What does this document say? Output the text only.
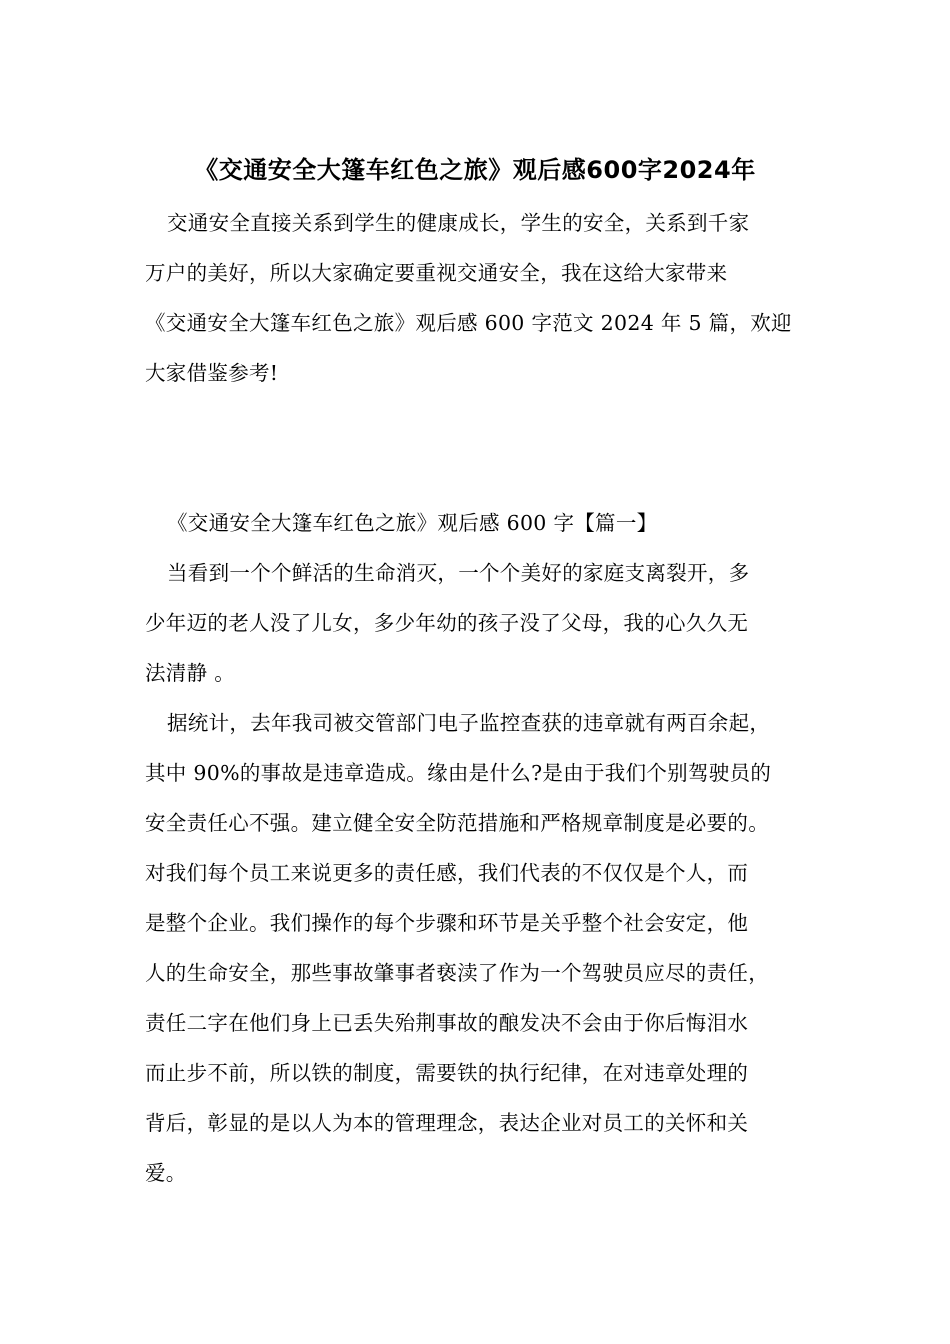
《交通安全大篷车红色之旅》观后感600字2024年
交通安全直接关系到学生的健康成长，学生的安全，关系到千家
万户的美好，所以大家确定要重视交通安全，我在这给大家带来
《交通安全大篷车红色之旅》观后感 600 字范文 2024 年 5 篇，欢迎
大家借鉴参考!
《交通安全大篷车红色之旅》观后感 600 字【篇一】
当看到一个个鲜活的生命消灭，一个个美好的家庭支离裂开，多
少年迈的老人没了儿女，多少年幼的孩子没了父母，我的心久久无
法清静 。
据统计，去年我司被交管部门电子监控查获的违章就有两百余起，
其中 90%的事故是违章造成。缘由是什么?是由于我们个别驾驶员的
安全责任心不强。建立健全安全防范措施和严格规章制度是必要的。
对我们每个员工来说更多的责任感，我们代表的不仅仅是个人，而
是整个企业。我们操作的每个步骤和环节是关乎整个社会安定，他
人的生命安全，那些事故肇事者亵渎了作为一个驾驶员应尽的责任，
责任二字在他们身上已丢失殆荆事故的酿发决不会由于你后悔泪水
而止步不前，所以铁的制度，需要铁的执行纪律，在对违章处理的
背后，彰显的是以人为本的管理理念，表达企业对员工的关怀和关
爱。
